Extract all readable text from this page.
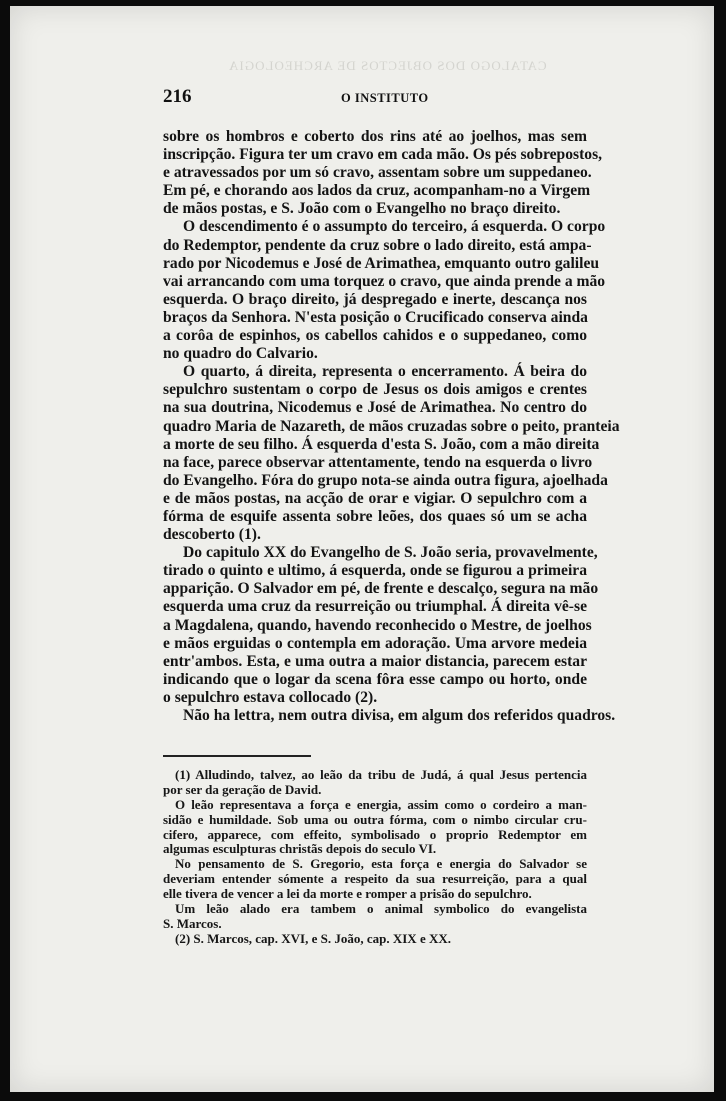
CATALOGO DOS OBJECTOS DE ARCHEOLOGIA
216	O INSTITUTO
sobre os hombros e coberto dos rins até ao joelhos, mas sem
inscripção. Figura ter um cravo em cada mão. Os pés sobrepostos,
e atravessados por um só cravo, assentam sobre um suppedaneo.
Em pé, e chorando aos lados da cruz, acompanham-no a Virgem
de mãos postas, e S. João com o Evangelho no braço direito.
O descendimento é o assumpto do terceiro, á esquerda. O corpo
do Redemptor, pendente da cruz sobre o lado direito, está ampa-
rado por Nicodemus e José de Arimathea, emquanto outro galileu
vai arrancando com uma torquez o cravo, que ainda prende a mão
esquerda. O braço direito, já despregado e inerte, descança nos
braços da Senhora. N'esta posição o Crucificado conserva ainda
a corôa de espinhos, os cabellos cahidos e o suppedaneo, como
no quadro do Calvario.
O quarto, á direita, representa o encerramento. Á beira do
sepulchro sustentam o corpo de Jesus os dois amigos e crentes
na sua doutrina, Nicodemus e José de Arimathea. No centro do
quadro Maria de Nazareth, de mãos cruzadas sobre o peito, pranteia
a morte de seu filho. Á esquerda d'esta S. João, com a mão direita
na face, parece observar attentamente, tendo na esquerda o livro
do Evangelho. Fóra do grupo nota-se ainda outra figura, ajoelhada
e de mãos postas, na acção de orar e vigiar. O sepulchro com a
fórma de esquife assenta sobre leões, dos quaes só um se acha
descoberto (1).
Do capitulo XX do Evangelho de S. João seria, provavelmente,
tirado o quinto e ultimo, á esquerda, onde se figurou a primeira
apparição. O Salvador em pé, de frente e descalço, segura na mão
esquerda uma cruz da resurreição ou triumphal. Á direita vê-se
a Magdalena, quando, havendo reconhecido o Mestre, de joelhos
e mãos erguidas o contempla em adoração. Uma arvore medeia
entr'ambos. Esta, e uma outra a maior distancia, parecem estar
indicando que o logar da scena fôra esse campo ou horto, onde
o sepulchro estava collocado (2).
Não ha lettra, nem outra divisa, em algum dos referidos quadros.
(1) Alludindo, talvez, ao leão da tribu de Judá, á qual Jesus pertencia
por ser da geração de David.
O leão representava a força e energia, assim como o cordeiro a man-
sidão e humildade. Sob uma ou outra fórma, com o nimbo circular cru-
cifero, apparece, com effeito, symbolisado o proprio Redemptor em
algumas esculpturas christãs depois do seculo VI.
No pensamento de S. Gregorio, esta força e energia do Salvador se
deveriam entender sómente a respeito da sua resurreição, para a qual
elle tivera de vencer a lei da morte e romper a prisão do sepulchro.
Um leão alado era tambem o animal symbolico do evangelista
S. Marcos.
(2) S. Marcos, cap. XVI, e S. João, cap. XIX e XX.
